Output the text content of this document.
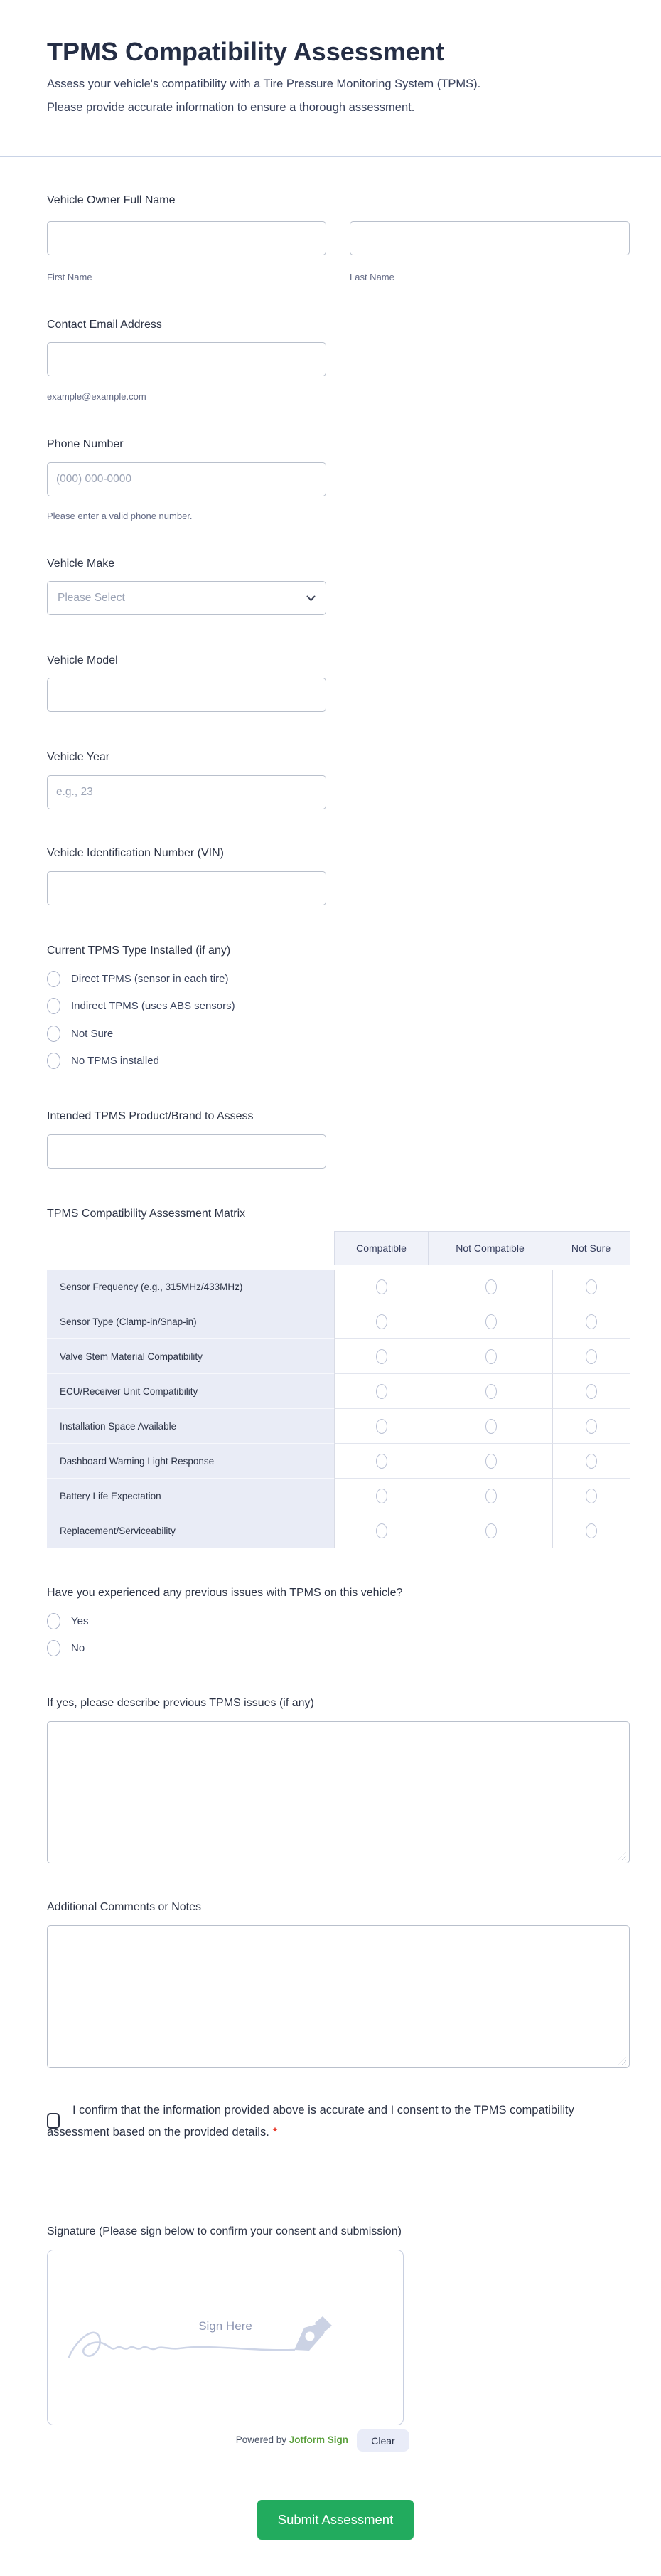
TPMS Compatibility Assessment
Assess your vehicle's compatibility with a Tire Pressure Monitoring System (TPMS).
Please provide accurate information to ensure a thorough assessment.
Vehicle Owner Full Name
First Name	Last Name
Contact Email Address
example@example.com
Phone Number
(000) 000-0000
Please enter a valid phone number.
Vehicle Make
Please Select
Vehicle Model
Vehicle Year
e.g., 23
Vehicle Identification Number (VIN)
Current TPMS Type Installed (if any)
Direct TPMS (sensor in each tire)
Indirect TPMS (uses ABS sensors)
Not Sure
No TPMS installed
Intended TPMS Product/Brand to Assess
TPMS Compatibility Assessment Matrix
Compatible	Not Compatible	Not Sure
Sensor Frequency (e.g., 315MHz/433MHz)
Sensor Type (Clamp-in/Snap-in)
Valve Stem Material Compatibility
ECU/Receiver Unit Compatibility
Installation Space Available
Dashboard Warning Light Response
Battery Life Expectation
Replacement/Serviceability
Have you experienced any previous issues with TPMS on this vehicle?
Yes
No
If yes, please describe previous TPMS issues (if any)
Additional Comments or Notes

I confirm that the information provided above is accurate and I consent to the TPMS compatibility assessment based on the provided details. *

Signature (Please sign below to confirm your consent and submission)
Sign Here
Powered by Jotform Sign	Clear
Submit Assessment
